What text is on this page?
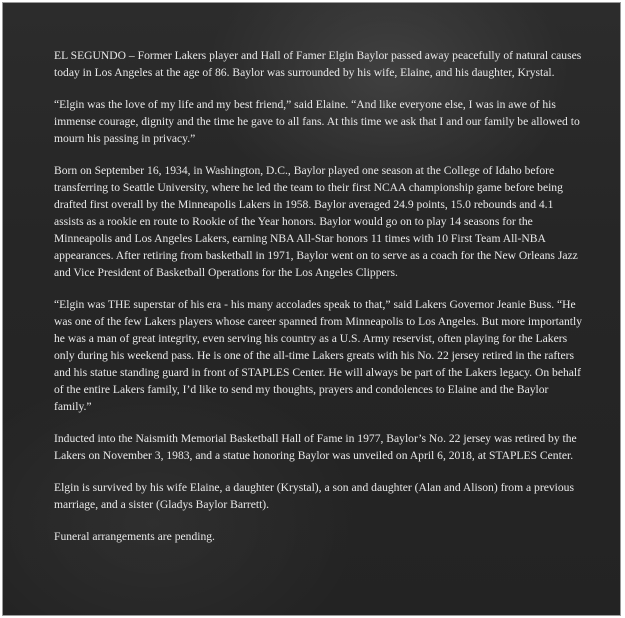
EL SEGUNDO – Former Lakers player and Hall of Famer Elgin Baylor passed away peacefully of natural causes today in Los Angeles at the age of 86. Baylor was surrounded by his wife, Elaine, and his daughter, Krystal.

“Elgin was the love of my life and my best friend,” said Elaine. “And like everyone else, I was in awe of his immense courage, dignity and the time he gave to all fans. At this time we ask that I and our family be allowed to mourn his passing in privacy.”

Born on September 16, 1934, in Washington, D.C., Baylor played one season at the College of Idaho before transferring to Seattle University, where he led the team to their first NCAA championship game before being drafted first overall by the Minneapolis Lakers in 1958. Baylor averaged 24.9 points, 15.0 rebounds and 4.1 assists as a rookie en route to Rookie of the Year honors. Baylor would go on to play 14 seasons for the Minneapolis and Los Angeles Lakers, earning NBA All-Star honors 11 times with 10 First Team All-NBA appearances. After retiring from basketball in 1971, Baylor went on to serve as a coach for the New Orleans Jazz and Vice President of Basketball Operations for the Los Angeles Clippers.

“Elgin was THE superstar of his era - his many accolades speak to that,” said Lakers Governor Jeanie Buss. “He was one of the few Lakers players whose career spanned from Minneapolis to Los Angeles. But more importantly he was a man of great integrity, even serving his country as a U.S. Army reservist, often playing for the Lakers only during his weekend pass. He is one of the all-time Lakers greats with his No. 22 jersey retired in the rafters and his statue standing guard in front of STAPLES Center. He will always be part of the Lakers legacy. On behalf of the entire Lakers family, I’d like to send my thoughts, prayers and condolences to Elaine and the Baylor family.”

Inducted into the Naismith Memorial Basketball Hall of Fame in 1977, Baylor’s No. 22 jersey was retired by the Lakers on November 3, 1983, and a statue honoring Baylor was unveiled on April 6, 2018, at STAPLES Center.

Elgin is survived by his wife Elaine, a daughter (Krystal), a son and daughter (Alan and Alison) from a previous marriage, and a sister (Gladys Baylor Barrett).

Funeral arrangements are pending.
